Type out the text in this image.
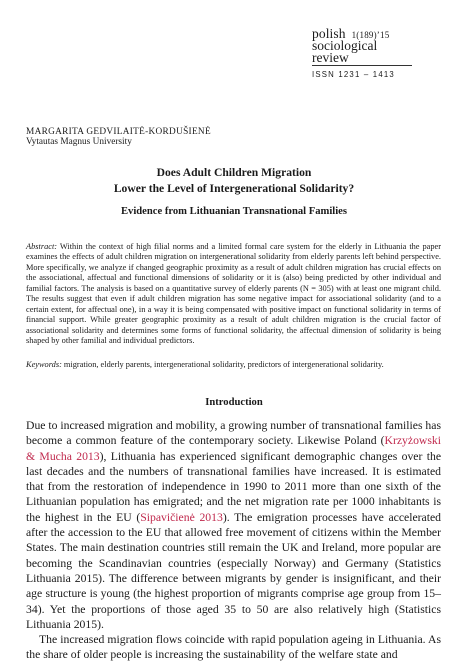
polish 1(189)’15
sociological
review
ISSN 1231 – 1413
MARGARITA GEDVILAITĖ-KORDUŠIENĖ
Vytautas Magnus University
Does Adult Children Migration
Lower the Level of Intergenerational Solidarity?
Evidence from Lithuanian Transnational Families
Abstract: Within the context of high filial norms and a limited formal care system for the elderly in Lithuania the paper examines the effects of adult children migration on intergenerational solidarity from elderly parents left behind perspective. More specifically, we analyze if changed geographic proximity as a result of adult children migration has crucial effects on the associational, affectual and functional dimensions of solidarity or it is (also) being predicted by other individual and familial factors. The analysis is based on a quantitative survey of elderly parents (N = 305) with at least one migrant child. The results suggest that even if adult children migration has some negative impact for associational solidarity (and to a certain extent, for affectual one), in a way it is being compensated with positive impact on functional solidarity in terms of financial support. While greater geographic proximity as a result of adult children migration is the crucial factor of associational solidarity and determines some forms of functional solidarity, the affectual dimension of solidarity is being shaped by other familial and individual predictors.
Keywords: migration, elderly parents, intergenerational solidarity, predictors of intergenerational solidarity.
Introduction

Due to increased migration and mobility, a growing number of transnational families has become a common feature of the contemporary society. Likewise Poland (Krzyżowski & Mucha 2013), Lithuania has experienced significant demographic changes over the last decades and the numbers of transnational families have increased. It is estimated that from the restoration of independence in 1990 to 2011 more than one sixth of the Lithuanian population has emigrated; and the net migration rate per 1000 inhabitants is the highest in the EU (Sipavičienė 2013). The emigration processes have accelerated after the accession to the EU that allowed free movement of citizens within the Member States. The main destination countries still remain the UK and Ireland, more popular are becoming the Scandinavian countries (especially Norway) and Germany (Statistics Lithuania 2015). The difference between migrants by gender is insignificant, and their age structure is young (the highest proportion of migrants comprise age group from 15–34). Yet the proportions of those aged 35 to 50 are also relatively high (Statistics Lithuania 2015).

The increased migration flows coincide with rapid population ageing in Lithuania. As the share of older people is increasing the sustainability of the welfare state and
